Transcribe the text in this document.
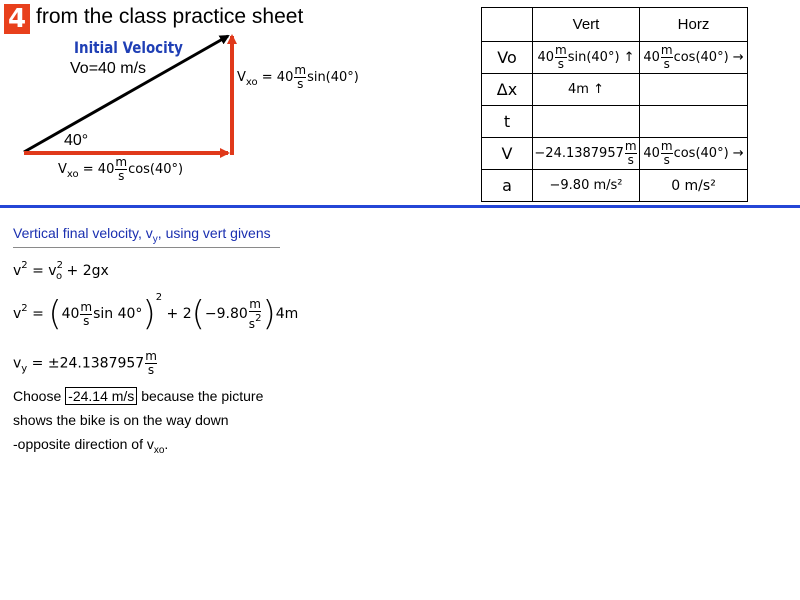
4 from the class practice sheet
Initial Velocity
Vo=40 m/s
40°
$V_{xo} = 40 \frac{m}{s} \sin(40^\circ)$
$V_{xo} = 40 \frac{m}{s} \cos(40^\circ)$
	Vert	Horz
Vo	$40 \frac{m}{s} \sin(40^\circ)$ ↑	$40 \frac{m}{s} \cos(40^\circ)$ →
Δx	4m ↑	
t		
V	$-24.1387957 \frac{m}{s}$	$40 \frac{m}{s} \cos(40^\circ)$ →
a	−9.80 m/s²	0 m/s²
Vertical final velocity, $v_y$, using vert givens
$v^2 = v^2_o + 2gx$
$v^2 = (40 \frac{m}{s}$ $\sin 40^\circ)^2 + 2(-9.80 \frac{m}{s^2} )4m$
$v_y = \pm 24.1387957 \frac{m}{s}$
Choose -24.14 m/s because the picture
shows the bike is on the way down
-opposite direction of $v_{xo}$.
